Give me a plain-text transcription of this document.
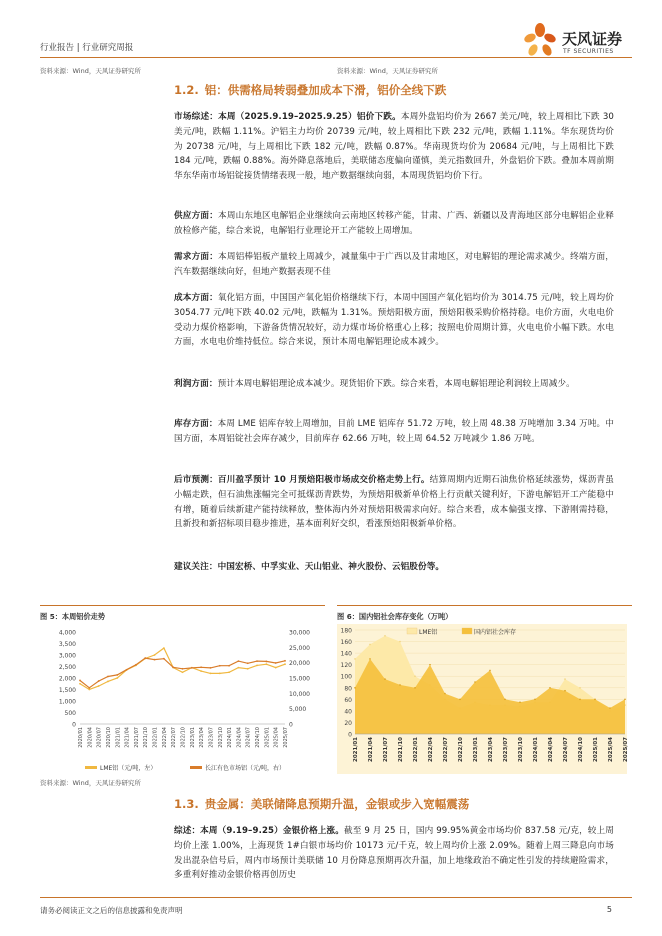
行业报告 | 行业研究周报	天风证券
TF SECURITIES
资料来源：Wind，天风证券研究所	资料来源：Wind，天风证券研究所
1.2. 铝：供需格局转弱叠加成本下滑，铝价全线下跌
市场综述：本周（2025.9.19–2025.9.25）铝价下跌。本周外盘铝均价为 2667 美元/吨，较上周相比下跌 30 美元/吨，跌幅 1.11%。沪铝主力均价 20739 元/吨，较上周相比下跌 232 元/吨，跌幅 1.11%。华东现货均价为 20738 元/吨，与上周相比下跌 182 元/吨，跌幅 0.87%。华南现货均价为 20684 元/吨，与上周相比下跌 184 元/吨，跌幅 0.88%。海外降息落地后，美联储态度偏向谨慎，美元指数回升，外盘铝价下跌。叠加本周前期华东华南市场铝锭接货情绪表现一般，地产数据继续向弱，本周现货铝均价下行。
供应方面：本周山东地区电解铝企业继续向云南地区转移产能，甘肃、广西、新疆以及青海地区部分电解铝企业释放检修产能，综合来说，电解铝行业理论开工产能较上周增加。
需求方面：本周铝棒铝板产量较上周减少，减量集中于广西以及甘肃地区，对电解铝的理论需求减少。终端方面，汽车数据继续向好，但地产数据表现不佳
成本方面：氧化铝方面，中国国产氧化铝价格继续下行，本周中国国产氧化铝均价为 3014.75 元/吨，较上周均价 3054.77 元/吨下跌 40.02 元/吨，跌幅为 1.31%。预焙阳极方面，预焙阳极采购价格持稳。电价方面，火电电价受动力煤价格影响，下游备货情况较好，动力煤市场价格重心上移；按照电价周期计算，火电电价小幅下跌。水电方面，水电电价维持低位。综合来说，预计本周电解铝理论成本减少。
利润方面：预计本周电解铝理论成本减少。现货铝价下跌。综合来看，本周电解铝理论利润较上周减少。
库存方面：本周 LME 铝库存较上周增加，目前 LME 铝库存 51.72 万吨，较上周 48.38 万吨增加 3.34 万吨。中国方面，本周铝锭社会库存减少，目前库存 62.66 万吨，较上周 64.52 万吨减少 1.86 万吨。
后市预测：百川盈孚预计 10 月预焙阳极市场成交价格走势上行。结算周期内近期石油焦价格延续涨势，煤沥青虽小幅走跌，但石油焦涨幅完全可抵煤沥青跌势，为预焙阳极新单价格上行贡献关键利好，下游电解铝开工产能稳中有增，随着后续新建产能持续释放，整体海内外对预焙阳极需求向好。综合来看，成本偏强支撑、下游刚需持稳，且新投和新招标项目稳步推进，基本面利好交织，看涨预焙阳极新单价格。
建议关注：中国宏桥、中孚实业、天山铝业、神火股份、云铝股份等。
图 5：本周铝价走势	图 6：国内铝社会库存变化（万吨）
0
500
1,000
1,500
2,000
2,500
3,000
3,500
4,000
0
5,000
10,000
15,000
20,000
25,000
30,000
2020/01 2020/04 2020/07 2020/10 2021/01 2021/04 2021/07 2021/10 2022/01 2022/04 2022/07 2022/10 2023/01 2023/04 2023/07 2023/10 2024/01 2024/04 2024/07 2024/10 2025/01 2025/04 2025/07
LME铝（元/吨，左）	长江有色市场铝（元/吨，右）
0
20
40
60
80
100
120
140
160
180
2021/01 2021/04 2021/07 2021/10 2022/01 2022/04 2022/07 2022/10 2023/01 2023/04 2023/07 2023/10 2024/01 2024/04 2024/07 2024/10 2025/01 2025/04 2025/07
LME铝	国内铝社会库存
资料来源：Wind，天风证券研究所
1.3. 贵金属：美联储降息预期升温，金银或步入宽幅震荡
综述：本周（9.19–9.25）金银价格上涨。截至 9 月 25 日，国内 99.95%黄金市场均价 837.58 元/克，较上周均价上涨 1.00%，上海现货 1#白银市场均价 10173 元/千克，较上周均价上涨 2.09%。随着上周三降息向市场发出混杂信号后，周内市场预计美联储 10 月份降息预期再次升温，加上地缘政治不确定性引发的持续避险需求，多重利好推动金银价格再创历史
请务必阅读正文之后的信息披露和免责声明	5
